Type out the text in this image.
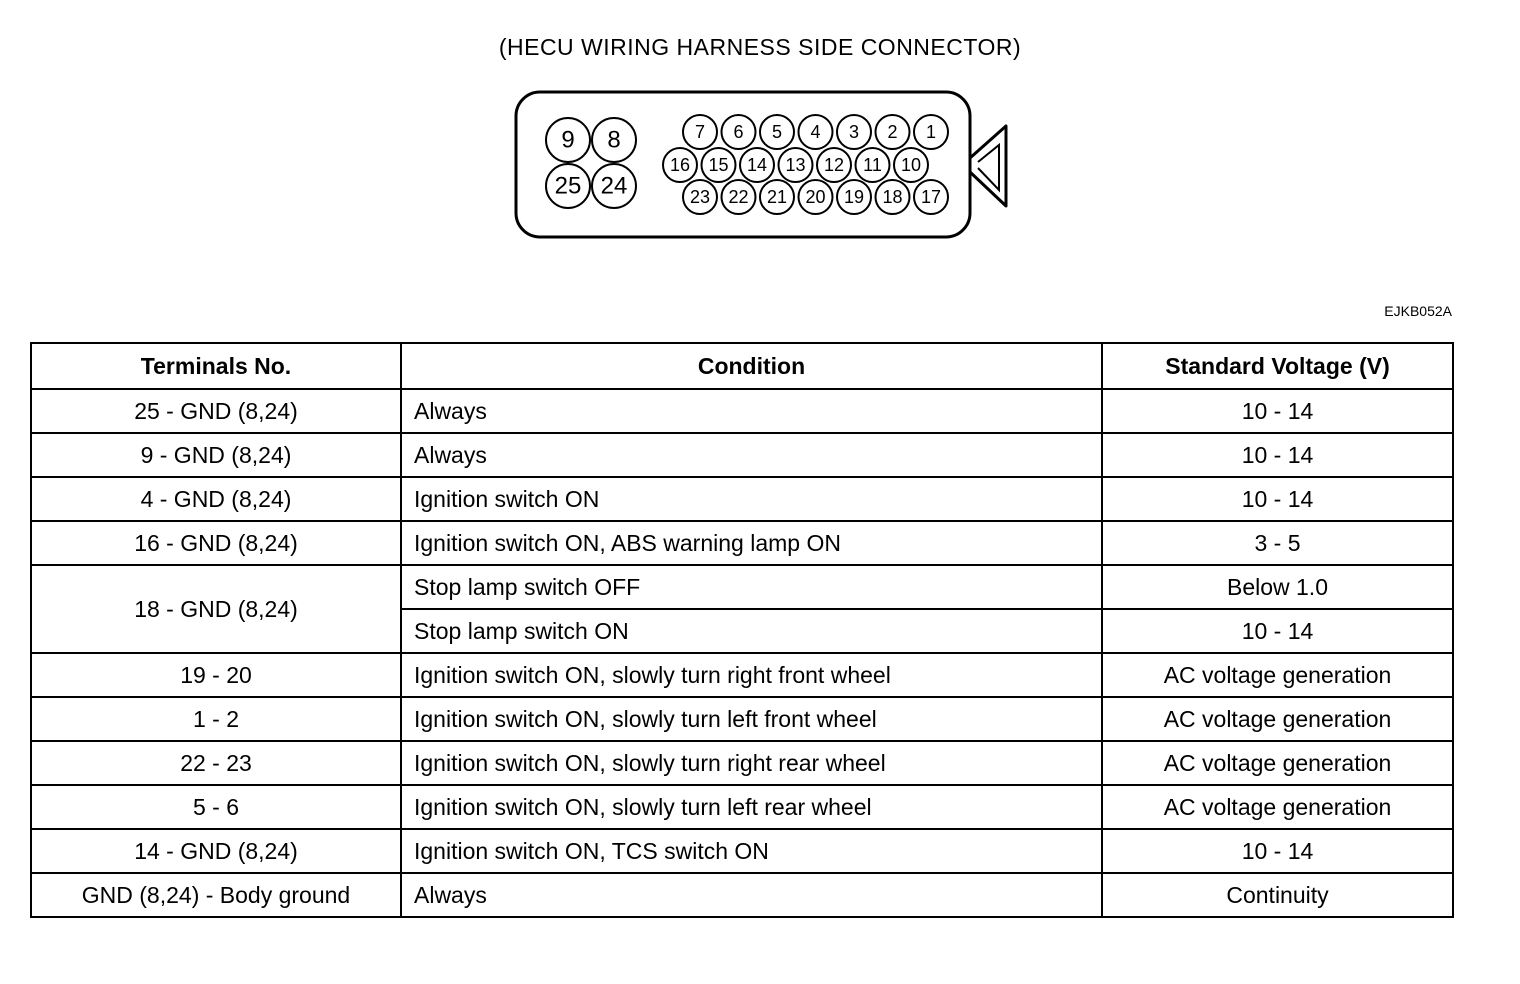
(HECU WIRING HARNESS SIDE CONNECTOR)
9 8
25 24
7 6 5 4 3 2 1
16 15 14 13 12 11 10
23 22 21 20 19 18 17
EJKB052A
Terminals No.	Condition	Standard Voltage (V)
25 - GND (8,24)	Always	10 - 14
9 - GND (8,24)	Always	10 - 14
4 - GND (8,24)	Ignition switch ON	10 - 14
16 - GND (8,24)	Ignition switch ON, ABS warning lamp ON	3 - 5
18 - GND (8,24)	Stop lamp switch OFF	Below 1.0
	Stop lamp switch ON	10 - 14
19 - 20	Ignition switch ON, slowly turn right front wheel	AC voltage generation
1 - 2	Ignition switch ON, slowly turn left front wheel	AC voltage generation
22 - 23	Ignition switch ON, slowly turn right rear wheel	AC voltage generation
5 - 6	Ignition switch ON, slowly turn left rear wheel	AC voltage generation
14 - GND (8,24)	Ignition switch ON, TCS switch ON	10 - 14
GND (8,24) - Body ground	Always	Continuity
